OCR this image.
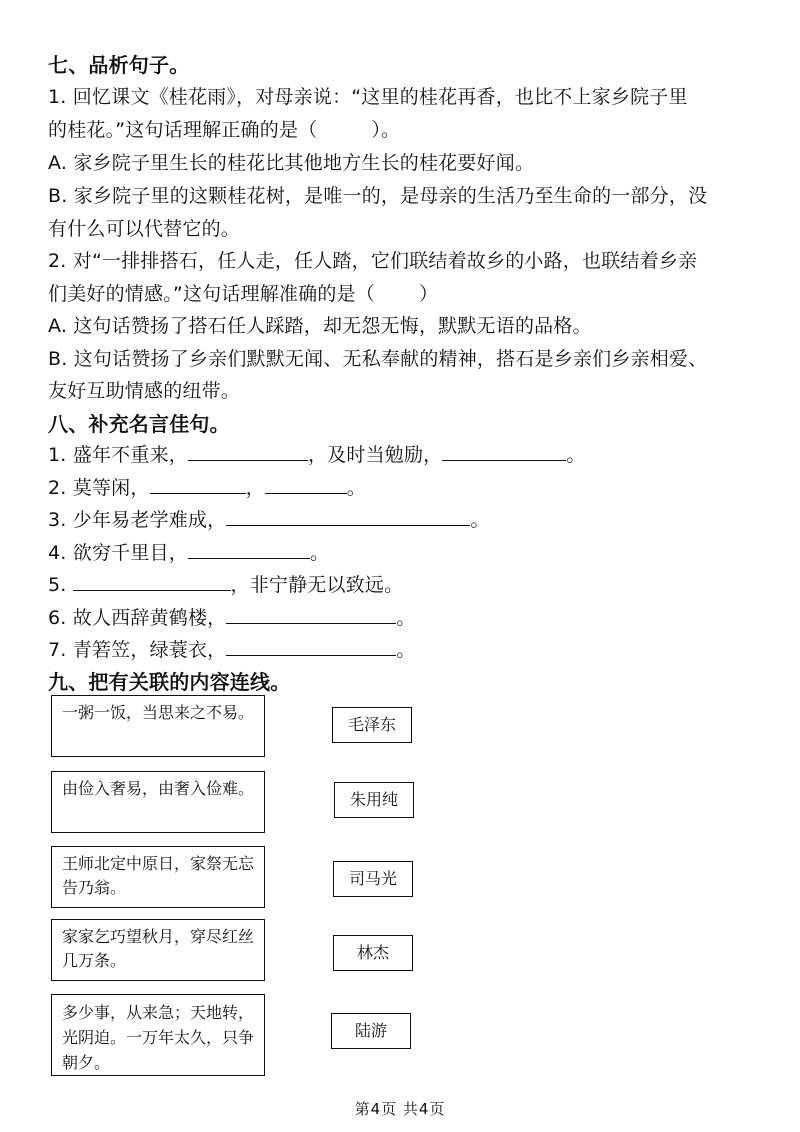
七、品析句子。
1. 回忆课文《桂花雨》，对母亲说：“这里的桂花再香，也比不上家乡院子里
的桂花。”这句话理解正确的是（	）。
A. 家乡院子里生长的桂花比其他地方生长的桂花要好闻。
B. 家乡院子里的这颗桂花树，是唯一的，是母亲的生活乃至生命的一部分，没
有什么可以代替它的。
2. 对“一排排搭石，任人走，任人踏，它们联结着故乡的小路，也联结着乡亲
们美好的情感。”这句话理解准确的是（ ）
A. 这句话赞扬了搭石任人踩踏，却无怨无悔，默默无语的品格。
B. 这句话赞扬了乡亲们默默无闻、无私奉献的精神，搭石是乡亲们乡亲相爱、
友好互助情感的纽带。
八、补充名言佳句。
1. 盛年不重来，	，及时当勉励，	。
2. 莫等闲，	，	。
3. 少年易老学难成，	。
4. 欲穷千里目，	。
5.	，非宁静无以致远。
6. 故人西辞黄鹤楼，	。
7. 青箬笠，绿蓑衣，	。
九、把有关联的内容连线。
一粥一饭，当思来之不易。
由俭入奢易，由奢入俭难。
王师北定中原日，家祭无忘告乃翁。
家家乞巧望秋月，穿尽红丝几万条。
多少事，从来急；天地转，光阴迫。一万年太久，只争朝夕。
毛泽东
朱用纯
司马光
林杰
陆游
第4页 共4页
